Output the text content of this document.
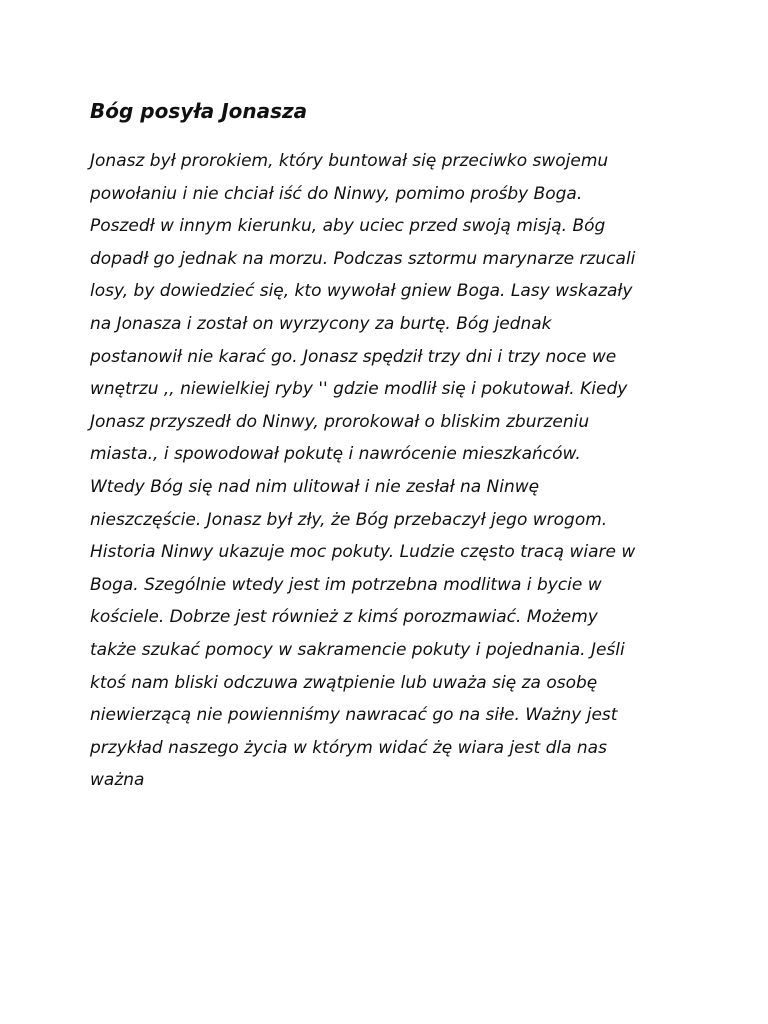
Bóg posyła Jonasza

Jonasz był prorokiem, który buntował się przeciwko swojemu
powołaniu i nie chciał iść do Ninwy, pomimo prośby Boga.
Poszedł w innym kierunku, aby uciec przed swoją misją. Bóg
dopadł go jednak na morzu. Podczas sztormu marynarze rzucali
losy, by dowiedzieć się, kto wywołał gniew Boga. Lasy wskazały
na Jonasza i został on wyrzycony za burtę. Bóg jednak
postanowił nie karać go. Jonasz spędził trzy dni i trzy noce we
wnętrzu ,, niewielkiej ryby '' gdzie modlił się i pokutował. Kiedy
Jonasz przyszedł do Ninwy, prorokował o bliskim zburzeniu
miasta., i spowodował pokutę i nawrócenie mieszkańców.
Wtedy Bóg się nad nim ulitował i nie zesłał na Ninwę
nieszczęście. Jonasz był zły, że Bóg przebaczył jego wrogom.
Historia Ninwy ukazuje moc pokuty. Ludzie często tracą wiare w
Boga. Szególnie wtedy jest im potrzebna modlitwa i bycie w
kościele. Dobrze jest również z kimś porozmawiać. Możemy
także szukać pomocy w sakramencie pokuty i pojednania. Jeśli
ktoś nam bliski odczuwa zwątpienie lub uważa się za osobę
niewierzącą nie powienniśmy nawracać go na siłe. Ważny jest
przykład naszego życia w którym widać żę wiara jest dla nas
ważna
